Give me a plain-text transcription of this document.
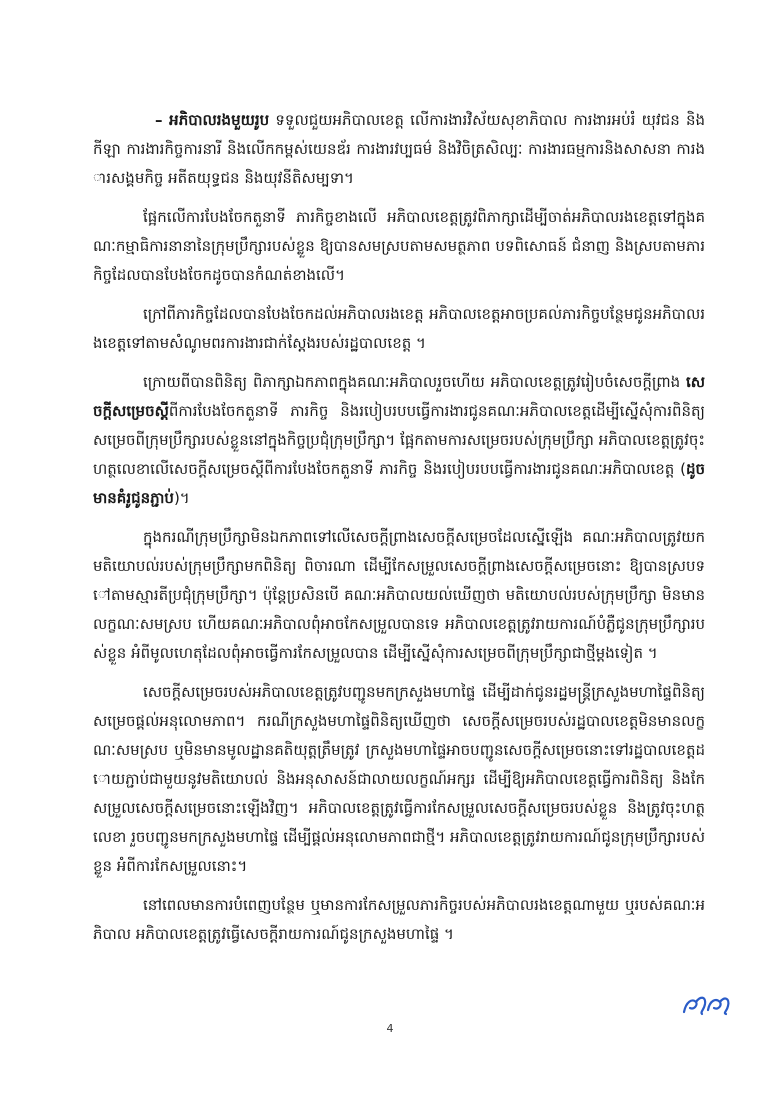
– អភិបាលរងមួយរូប ទទួលជួយអភិបាលខេត្ត លើការងារវិស័យសុខាភិបាល ការងារអប់រំ យុវជន និងកីឡា ការងារកិច្ចការនារី និងលើកកម្ពស់យេនឌ័រ ការងារវប្បធម៌ និងវិចិត្រសិល្បៈ ការងារធម្មការនិងសាសនា ការងារសង្គមកិច្ច អតីតយុទ្ធជន និងយុវនីតិសម្បទា។

ផ្អែកលើការបែងចែកតួនាទី ភារកិច្ចខាងលើ អភិបាលខេត្តត្រូវពិភាក្សាដើម្បីចាត់អភិបាលរងខេត្តទៅក្នុងគណៈកម្មាធិការនានានៃក្រុមប្រឹក្សារបស់ខ្លួន ឱ្យបានសមស្របតាមសមត្ថភាព បទពិសោធន៍ ជំនាញ និងស្របតាមភារកិច្ចដែលបានបែងចែកដូចបានកំណត់ខាងលើ។

ក្រៅពីភារកិច្ចដែលបានបែងចែកដល់អភិបាលរងខេត្ត អភិបាលខេត្តអាចប្រគល់ភារកិច្ចបន្ថែមជូនអភិបាលរងខេត្តទៅតាមសំណូមពរការងារជាក់ស្តែងរបស់រដ្ឋបាលខេត្ត ។

ក្រោយពីបានពិនិត្យ ពិភាក្សាឯកភាពក្នុងគណៈអភិបាលរួចហើយ អភិបាលខេត្តត្រូវរៀបចំសេចក្តីព្រាង សេចក្តីសម្រេចស្តីពីការបែងចែកតួនាទី ភារកិច្ច និងរបៀបរបបធ្វើការងារជូនគណៈអភិបាលខេត្តដើម្បីស្នើសុំការពិនិត្យ សម្រេចពីក្រុមប្រឹក្សារបស់ខ្លួននៅក្នុងកិច្ចប្រជុំក្រុមប្រឹក្សា។ ផ្អែកតាមការសម្រេចរបស់ក្រុមប្រឹក្សា អភិបាលខេត្តត្រូវចុះហត្ថលេខាលើសេចក្តីសម្រេចស្តីពីការបែងចែកតួនាទី ភារកិច្ច និងរបៀបរបបធ្វើការងារជូនគណៈអភិបាលខេត្ត (ដូចមានគំរូជូនភ្ជាប់)។

ក្នុងករណីក្រុមប្រឹក្សាមិនឯកភាពទៅលើសេចក្តីព្រាងសេចក្តីសម្រេចដែលស្នើឡើង គណៈអភិបាលត្រូវយកមតិយោបល់របស់ក្រុមប្រឹក្សាមកពិនិត្យ ពិចារណា ដើម្បីកែសម្រួលសេចក្តីព្រាងសេចក្តីសម្រេចនោះ ឱ្យបានស្របទៅតាមស្មារតីប្រជុំក្រុមប្រឹក្សា។ ប៉ុន្តែប្រសិនបើ គណៈអភិបាលយល់ឃើញថា មតិយោបល់របស់ក្រុមប្រឹក្សា មិនមានលក្ខណៈសមស្រប ហើយគណៈអភិបាលពុំអាចកែសម្រួលបានទេ អភិបាលខេត្តត្រូវរាយការណ៍បំភ្លឺជូនក្រុមប្រឹក្សារបស់ខ្លួន អំពីមូលហេតុដែលពុំអាចធ្វើការកែសម្រួលបាន ដើម្បីស្នើសុំការសម្រេចពីក្រុមប្រឹក្សាជាថ្មីម្តងទៀត ។

សេចក្តីសម្រេចរបស់អភិបាលខេត្តត្រូវបញ្ជូនមកក្រសួងមហាផ្ទៃ ដើម្បីដាក់ជូនរដ្ឋមន្ត្រីក្រសួងមហាផ្ទៃពិនិត្យ សម្រេចផ្តល់អនុលោមភាព។ ករណីក្រសួងមហាផ្ទៃពិនិត្យឃើញថា សេចក្តីសម្រេចរបស់រដ្ឋបាលខេត្តមិនមានលក្ខណៈសមស្រប ឬមិនមានមូលដ្ឋានគតិយុត្តត្រឹមត្រូវ ក្រសួងមហាផ្ទៃអាចបញ្ជូនសេចក្តីសម្រេចនោះទៅរដ្ឋបាលខេត្តដោយភ្ជាប់ជាមួយនូវមតិយោបល់ និងអនុសាសន៍ជាលាយលក្ខណ៍អក្សរ ដើម្បីឱ្យអភិបាលខេត្តធ្វើការពិនិត្យ និងកែសម្រួលសេចក្តីសម្រេចនោះឡើងវិញ។ អភិបាលខេត្តត្រូវធ្វើការកែសម្រួលសេចក្តីសម្រេចរបស់ខ្លួន និងត្រូវចុះហត្ថលេខា រួចបញ្ជូនមកក្រសួងមហាផ្ទៃ ដើម្បីផ្តល់អនុលោមភាពជាថ្មី។ អភិបាលខេត្តត្រូវរាយការណ៍ជូនក្រុមប្រឹក្សារបស់ខ្លួន អំពីការកែសម្រួលនោះ។

នៅពេលមានការបំពេញបន្ថែម ឬមានការកែសម្រួលភារកិច្ចរបស់អភិបាលរងខេត្តណាមួយ ឬរបស់គណៈអភិបាល អភិបាលខេត្តត្រូវធ្វើសេចក្តីរាយការណ៍ជូនក្រសួងមហាផ្ទៃ ។

4
